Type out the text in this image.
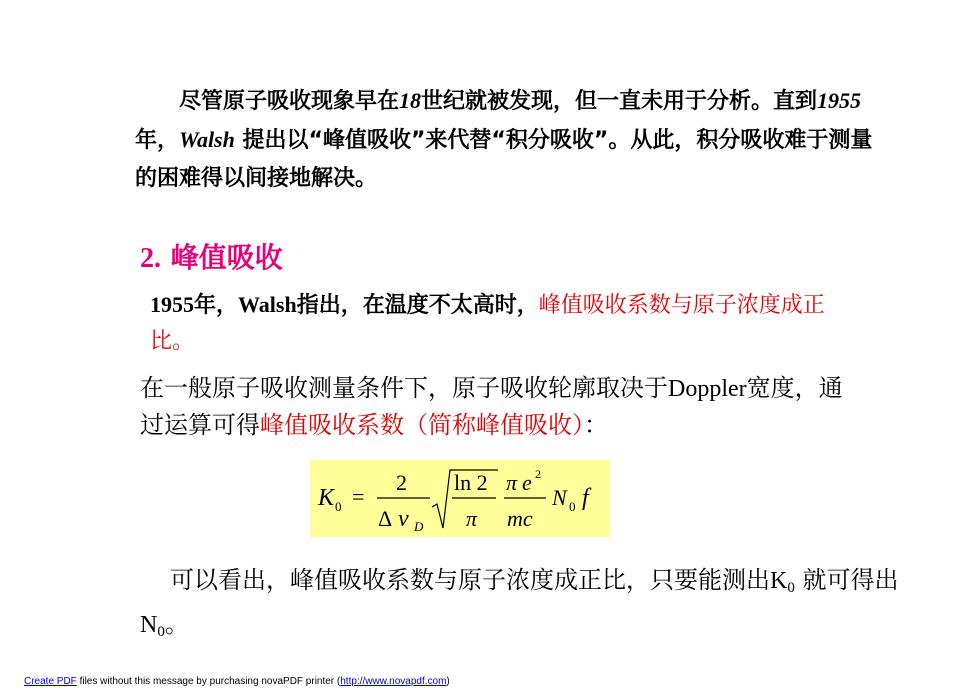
尽管原子吸收现象早在18世纪就被发现，但一直未用于分析。直到1955年，Walsh 提出以“峰值吸收”来代替“积分吸收”。从此，积分吸收难于测量的困难得以间接地解决。
2. 峰值吸收
1955年，Walsh指出，在温度不太高时，峰值吸收系数与原子浓度成正比。
在一般原子吸收测量条件下，原子吸收轮廓取决于Doppler宽度，通过运算可得峰值吸收系数（简称峰值吸收）：
K 0 =
2
Δ ν D
ln 2
π
π e 2
mc
N 0 f
可以看出，峰值吸收系数与原子浓度成正比，只要能测出$K_0$ 就可得出$N_0$。
Create PDF files without this message by purchasing novaPDF printer (http://www.novapdf.com)
